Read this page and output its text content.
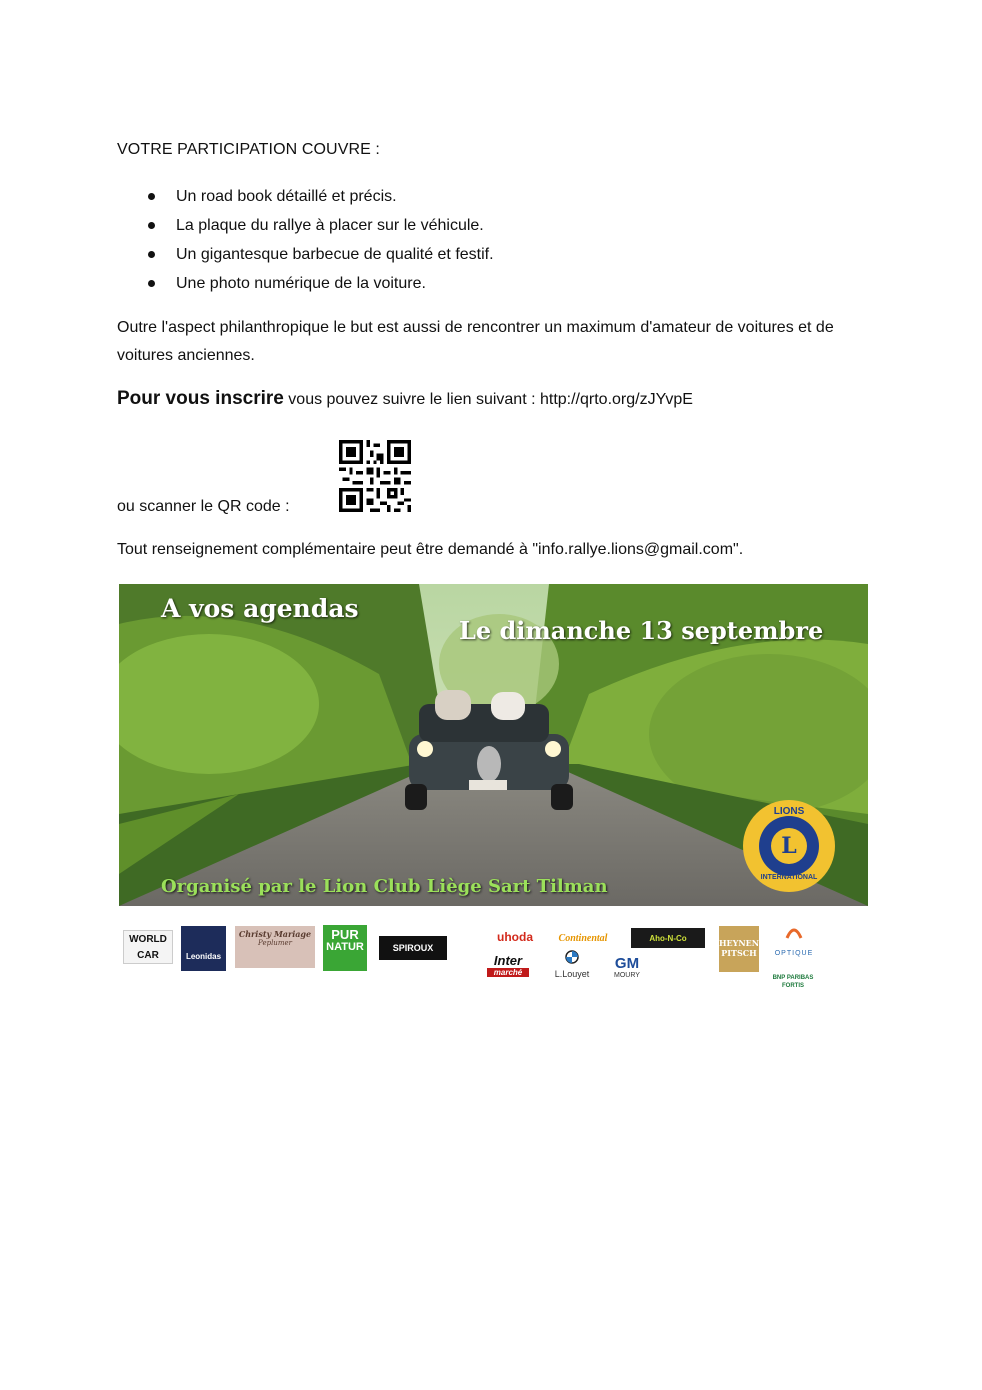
VOTRE PARTICIPATION COUVRE :
Un road book détaillé et précis.
La plaque du rallye à placer sur le véhicule.
Un gigantesque barbecue de qualité et festif.
Une photo numérique de la voiture.
Outre l'aspect philanthropique le but est aussi de rencontrer un maximum d'amateur de voitures et de voitures anciennes.
Pour vous inscrire vous pouvez suivre le lien suivant : http://qrto.org/zJYvpE
ou scanner le QR code :
Tout renseignement complémentaire peut être demandé à "info.rallye.lions@gmail.com".
A vos agendas
Le dimanche 13 septembre
Organisé par le Lion Club Liège Sart Tilman
LIONS
L
INTERNATIONAL
WORLD CAR	Leonidas
Christy Mariage
Peplumer
PUR
NATUR	SPIROUX
uhoda	Continental	Aho-N-Co	HEYNEN
PITSCH	OPTIQUE
Inter
marché	L.Louyet
GM
MOURY	BNP PARIBAS FORTIS
